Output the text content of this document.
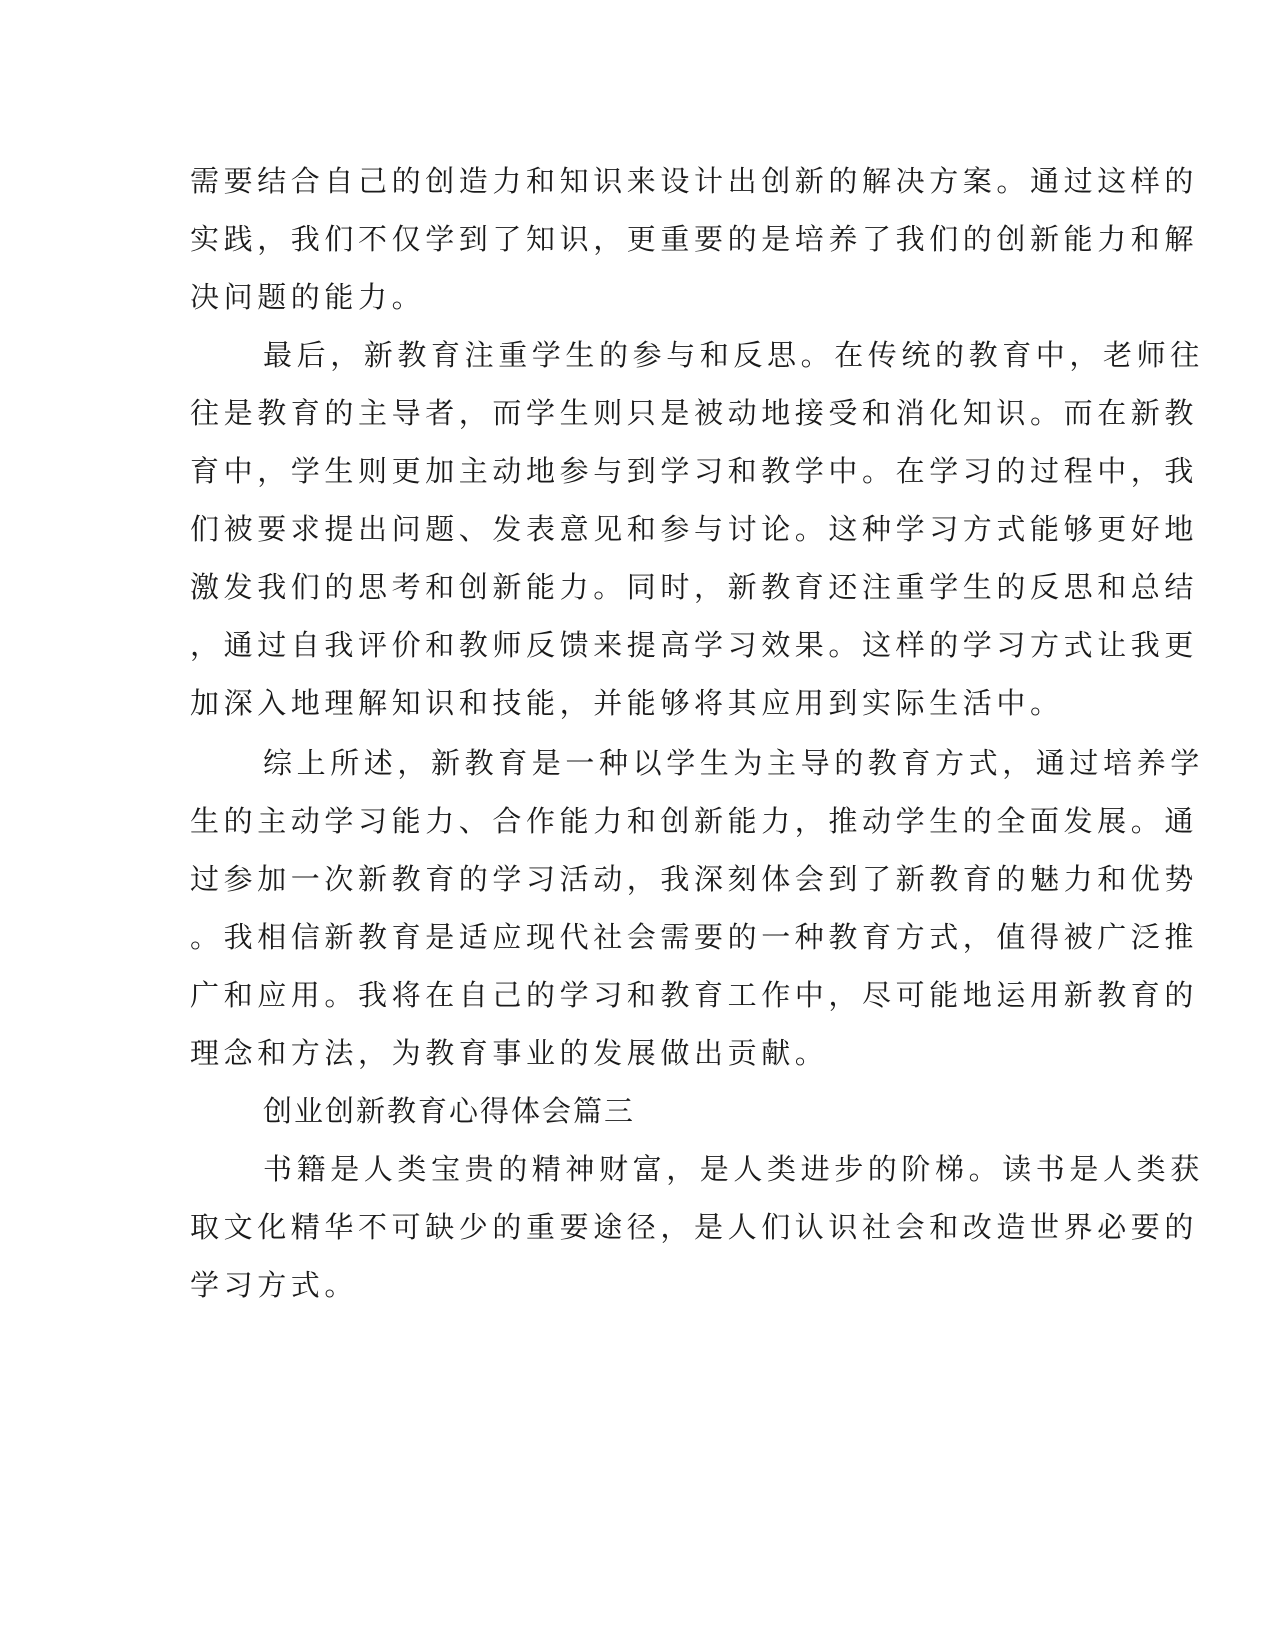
需要结合自己的创造力和知识来设计出创新的解决方案。通过这样的
实践，我们不仅学到了知识，更重要的是培养了我们的创新能力和解
决问题的能力。
最后，新教育注重学生的参与和反思。在传统的教育中，老师往
往是教育的主导者，而学生则只是被动地接受和消化知识。而在新教
育中，学生则更加主动地参与到学习和教学中。在学习的过程中，我
们被要求提出问题、发表意见和参与讨论。这种学习方式能够更好地
激发我们的思考和创新能力。同时，新教育还注重学生的反思和总结
，通过自我评价和教师反馈来提高学习效果。这样的学习方式让我更
加深入地理解知识和技能，并能够将其应用到实际生活中。
综上所述，新教育是一种以学生为主导的教育方式，通过培养学
生的主动学习能力、合作能力和创新能力，推动学生的全面发展。通
过参加一次新教育的学习活动，我深刻体会到了新教育的魅力和优势
。我相信新教育是适应现代社会需要的一种教育方式，值得被广泛推
广和应用。我将在自己的学习和教育工作中，尽可能地运用新教育的
理念和方法，为教育事业的发展做出贡献。
创业创新教育心得体会篇三
书籍是人类宝贵的精神财富，是人类进步的阶梯。读书是人类获
取文化精华不可缺少的重要途径，是人们认识社会和改造世界必要的
学习方式。
